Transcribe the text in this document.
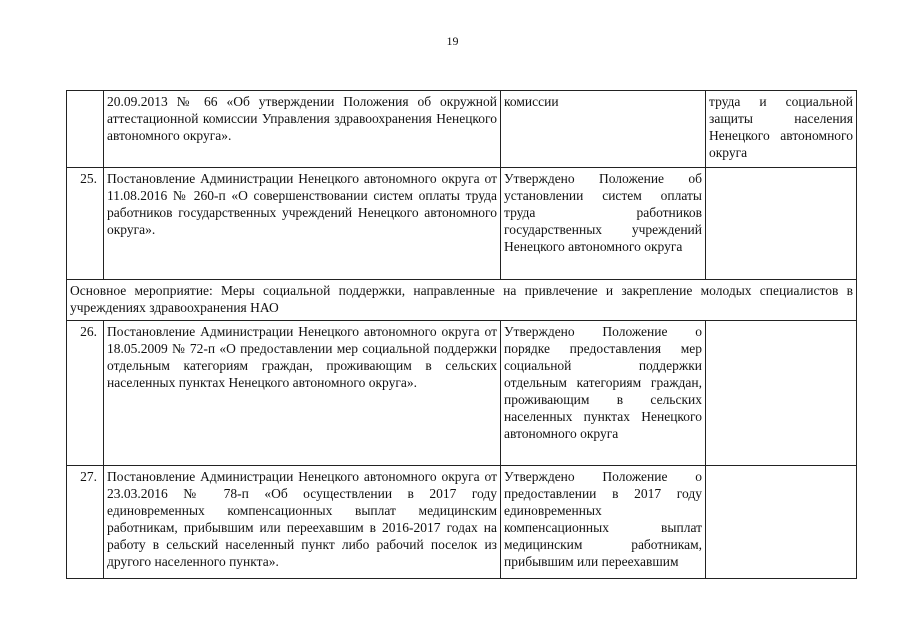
19
	20.09.2013 № 66 «Об утверждении Положения об окружной аттестационной комиссии Управления здравоохранения Ненецкого автономного округа».	комиссии	труда и социальной защиты населения Ненецкого автономного округа
25.	Постановление Администрации Ненецкого автономного округа от 11.08.2016 № 260-п «О совершенствовании систем оплаты труда работников государственных учреждений Ненецкого автономного округа».	Утверждено Положение об установлении систем оплаты труда работников государственных учреждений Ненецкого автономного округа	
Основное мероприятие: Меры социальной поддержки, направленные на привлечение и закрепление молодых специалистов в учреждениях здравоохранения НАО			
26.	Постановление Администрации Ненецкого автономного округа от 18.05.2009 № 72-п «О предоставлении мер социальной поддержки отдельным категориям граждан, проживающим в сельских населенных пунктах Ненецкого автономного округа».	Утверждено Положение о порядке предоставления мер социальной поддержки отдельным категориям граждан, проживающим в сельских населенных пунктах Ненецкого автономного округа	
27.	Постановление Администрации Ненецкого автономного округа от 23.03.2016 № 78-п «Об осуществлении в 2017 году единовременных компенсационных выплат медицинским работникам, прибывшим или переехавшим в 2016-2017 годах на работу в сельский населенный пункт либо рабочий поселок из другого населенного пункта».	Утверждено Положение о предоставлении в 2017 году единовременных компенсационных выплат медицинским работникам, прибывшим или переехавшим	
